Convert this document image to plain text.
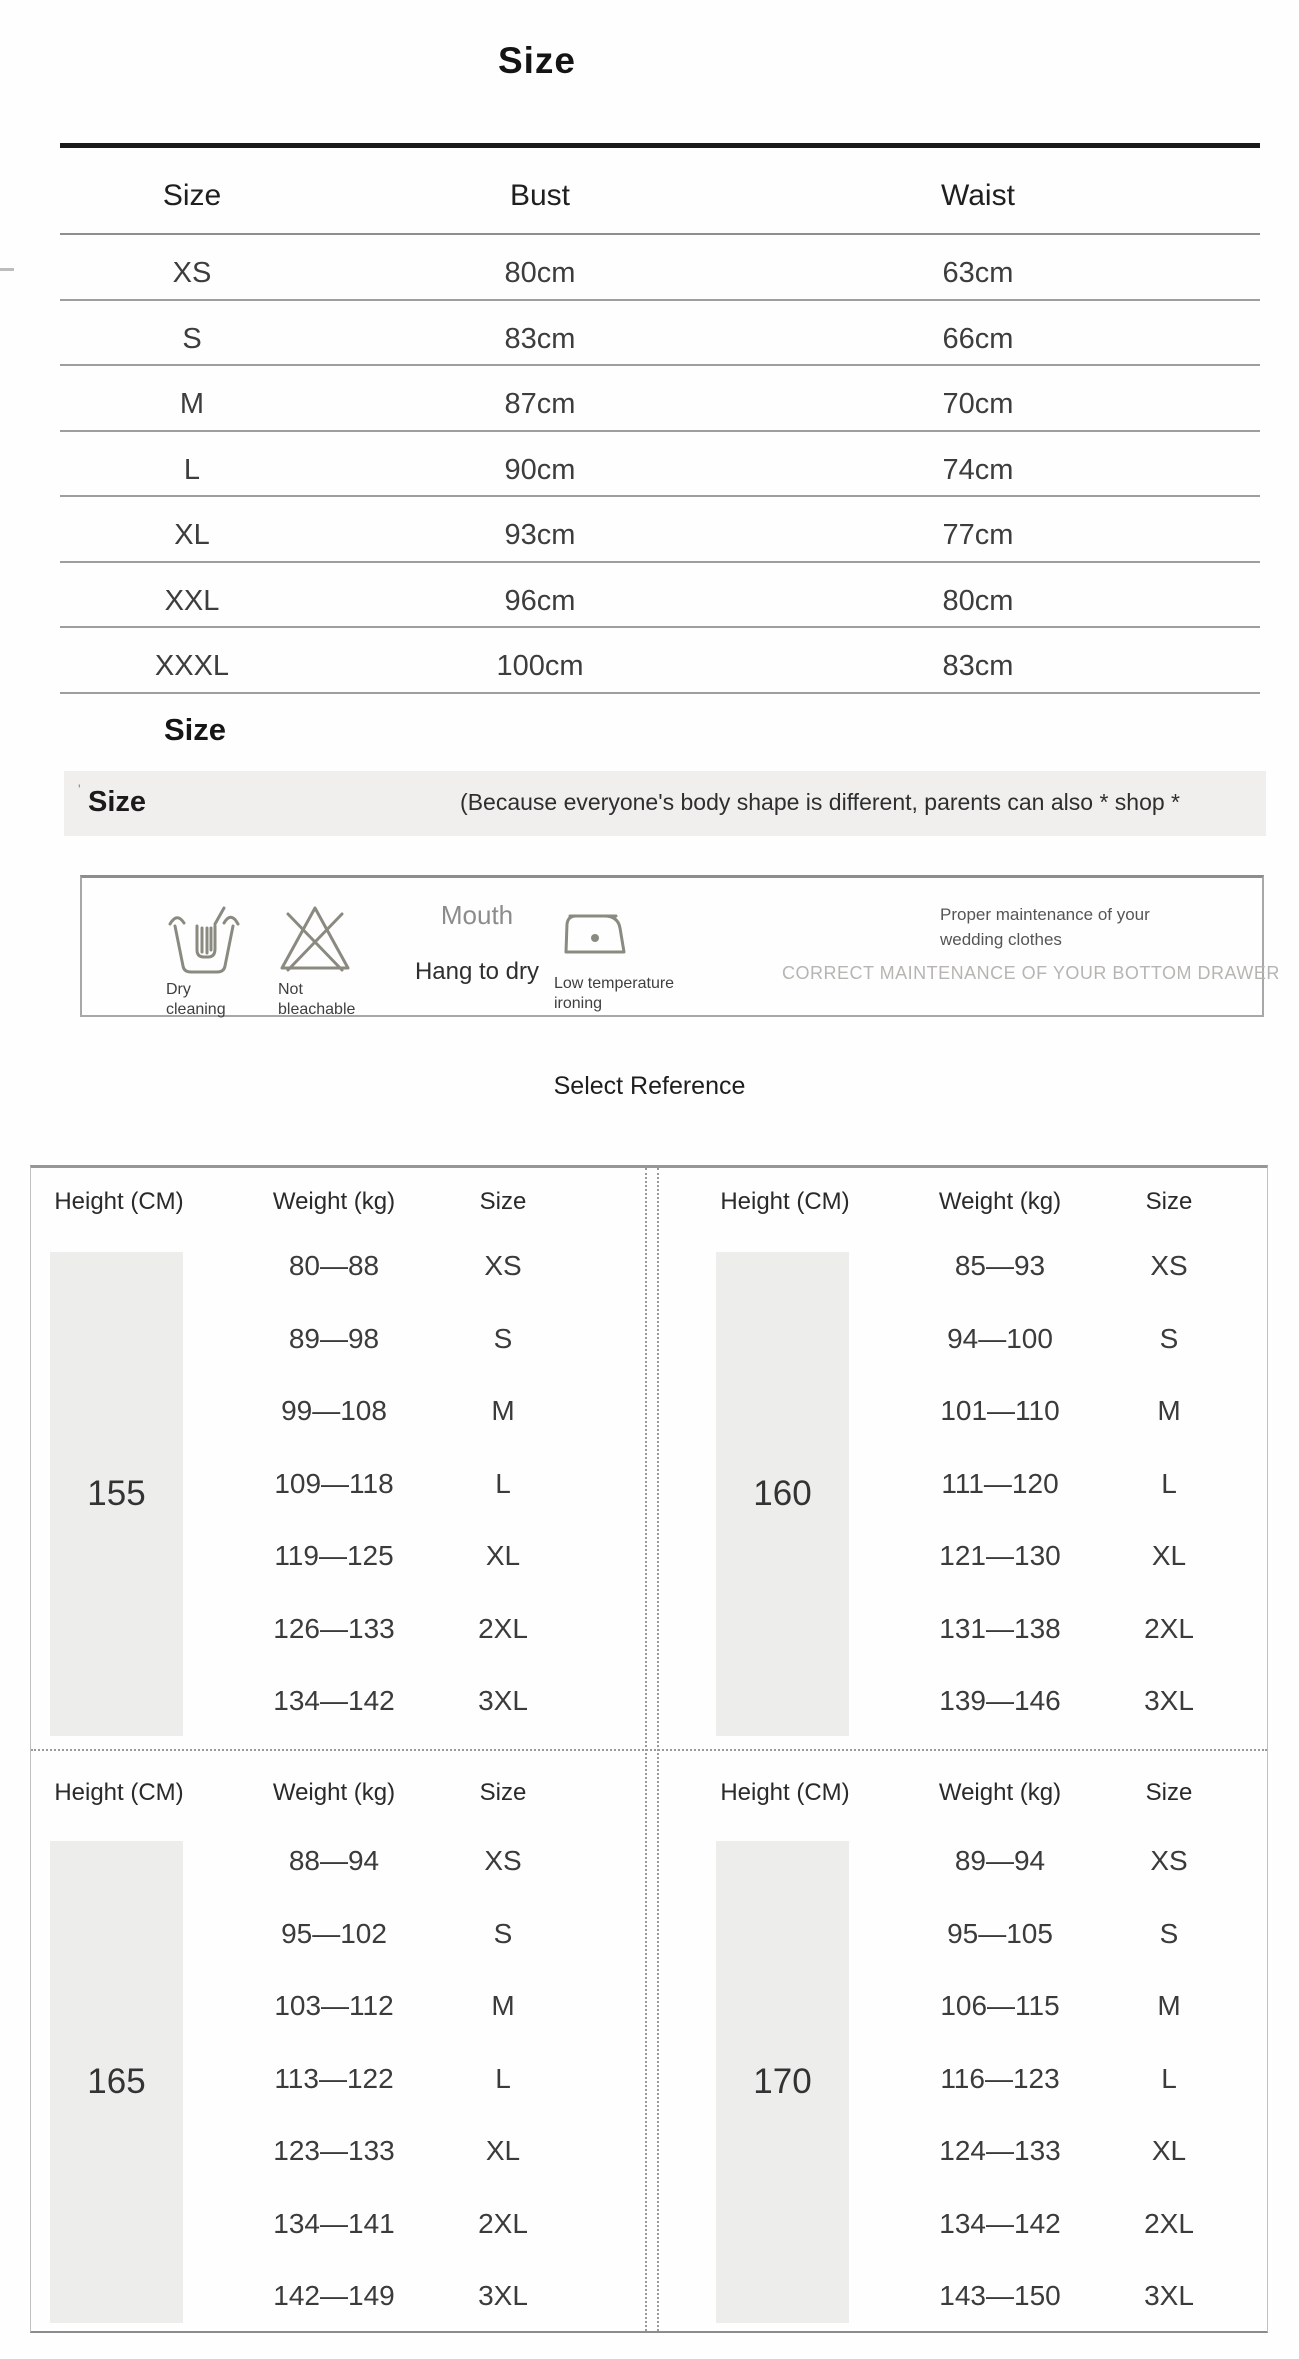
Size
Size	Bust	Waist
XS	80cm	63cm
S	83cm	66cm
M	87cm	70cm
L	90cm	74cm
XL	93cm	77cm
XXL	96cm	80cm
XXXL	100cm	83cm
Size
' Size	(Because everyone's body shape is different, parents can also * shop *
Dry
cleaning
Not
bleachable
Mouth
Hang to dry Low temperature
ironing
Proper maintenance of your
wedding clothes
CORRECT MAINTENANCE OF YOUR BOTTOM DRAWER
Select Reference
Height (CM)	Weight (kg)	Size
155
80—88	XS
89—98	S
99—108	M
109—118	L
119—125	XL
126—133	2XL
134—142	3XL
Height (CM)	Weight (kg)	Size
160
85—93	XS
94—100	S
101—110	M
111—120	L
121—130	XL
131—138	2XL
139—146	3XL
Height (CM)	Weight (kg)	Size
165
88—94	XS
95—102	S
103—112	M
113—122	L
123—133	XL
134—141	2XL
142—149	3XL
Height (CM)	Weight (kg)	Size
170
89—94	XS
95—105	S
106—115	M
116—123	L
124—133	XL
134—142	2XL
143—150	3XL
